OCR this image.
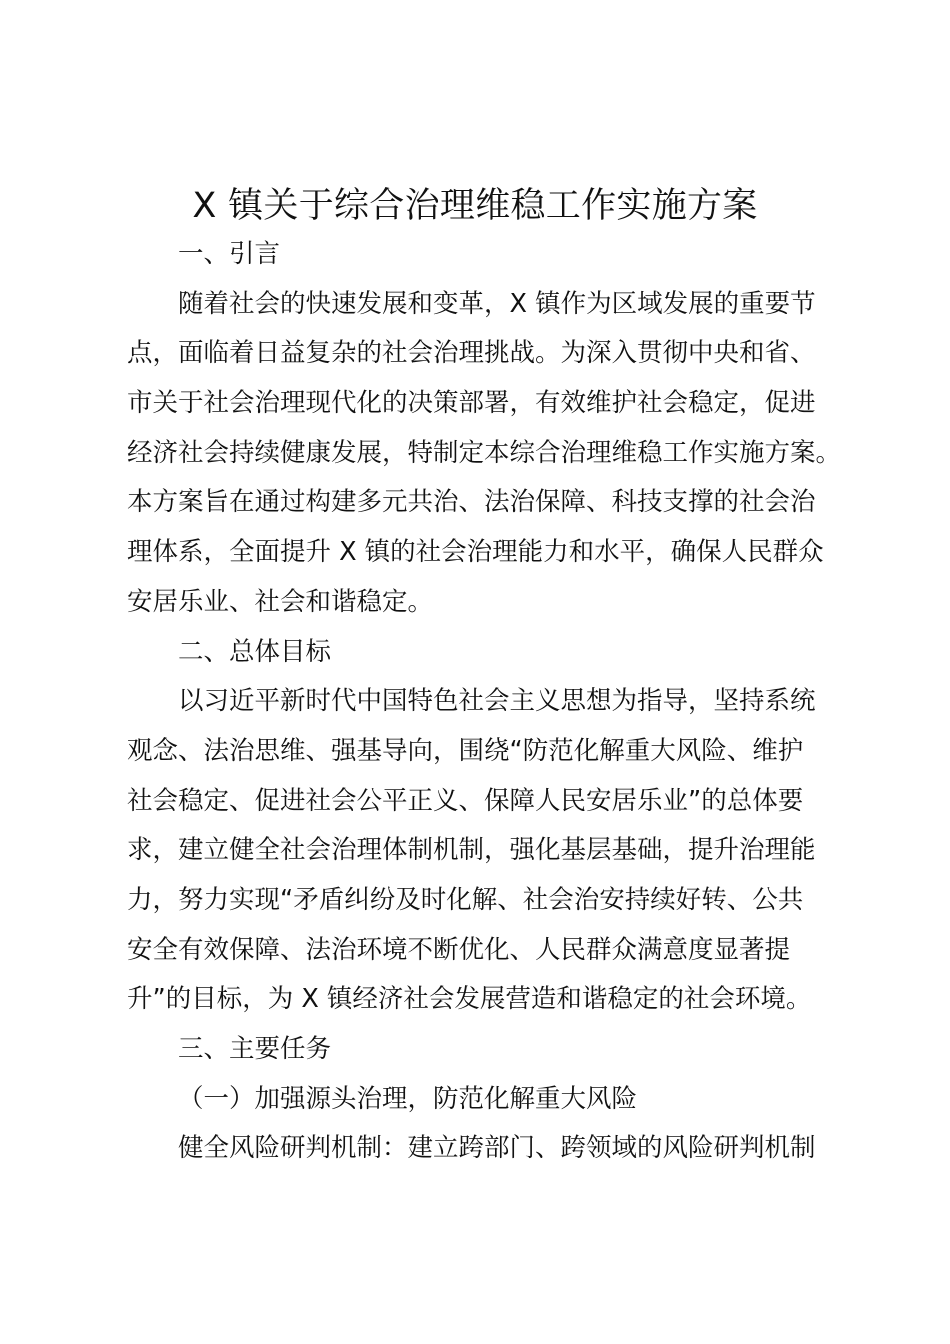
X 镇关于综合治理维稳工作实施方案
一、引言
随着社会的快速发展和变革，X 镇作为区域发展的重要节
点，面临着日益复杂的社会治理挑战。为深入贯彻中央和省、
市关于社会治理现代化的决策部署，有效维护社会稳定，促进
经济社会持续健康发展，特制定本综合治理维稳工作实施方案。
本方案旨在通过构建多元共治、法治保障、科技支撑的社会治
理体系，全面提升 X 镇的社会治理能力和水平，确保人民群众
安居乐业、社会和谐稳定。
二、总体目标
以习近平新时代中国特色社会主义思想为指导，坚持系统
观念、法治思维、强基导向，围绕“防范化解重大风险、维护
社会稳定、促进社会公平正义、保障人民安居乐业”的总体要
求，建立健全社会治理体制机制，强化基层基础，提升治理能
力，努力实现“矛盾纠纷及时化解、社会治安持续好转、公共
安全有效保障、法治环境不断优化、人民群众满意度显著提
升”的目标，为 X 镇经济社会发展营造和谐稳定的社会环境。
三、主要任务
（一）加强源头治理，防范化解重大风险
健全风险研判机制：建立跨部门、跨领域的风险研判机制
